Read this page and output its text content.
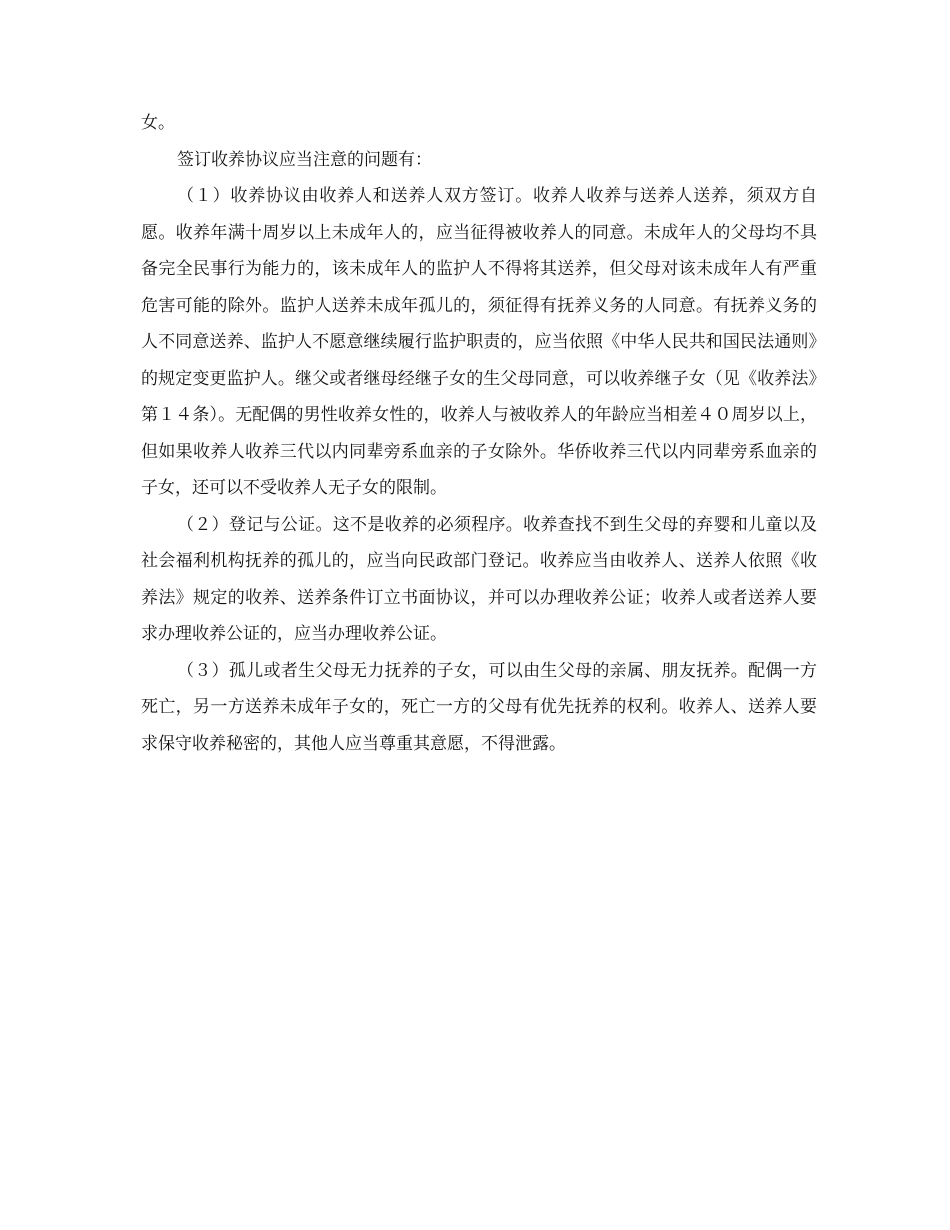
女。

签订收养协议应当注意的问题有：

（１）收养协议由收养人和送养人双方签订。收养人收养与送养人送养，须双方自愿。收养年满十周岁以上未成年人的，应当征得被收养人的同意。未成年人的父母均不具备完全民事行为能力的，该未成年人的监护人不得将其送养，但父母对该未成年人有严重危害可能的除外。监护人送养未成年孤儿的，须征得有抚养义务的人同意。有抚养义务的人不同意送养、监护人不愿意继续履行监护职责的，应当依照《中华人民共和国民法通则》的规定变更监护人。继父或者继母经继子女的生父母同意，可以收养继子女（见《收养法》第１４条）。无配偶的男性收养女性的，收养人与被收养人的年龄应当相差４０周岁以上，但如果收养人收养三代以内同辈旁系血亲的子女除外。华侨收养三代以内同辈旁系血亲的子女，还可以不受收养人无子女的限制。

（２）登记与公证。这不是收养的必须程序。收养查找不到生父母的弃婴和儿童以及社会福利机构抚养的孤儿的，应当向民政部门登记。收养应当由收养人、送养人依照《收养法》规定的收养、送养条件订立书面协议，并可以办理收养公证；收养人或者送养人要求办理收养公证的，应当办理收养公证。

（３）孤儿或者生父母无力抚养的子女，可以由生父母的亲属、朋友抚养。配偶一方死亡，另一方送养未成年子女的，死亡一方的父母有优先抚养的权利。收养人、送养人要求保守收养秘密的，其他人应当尊重其意愿，不得泄露。
